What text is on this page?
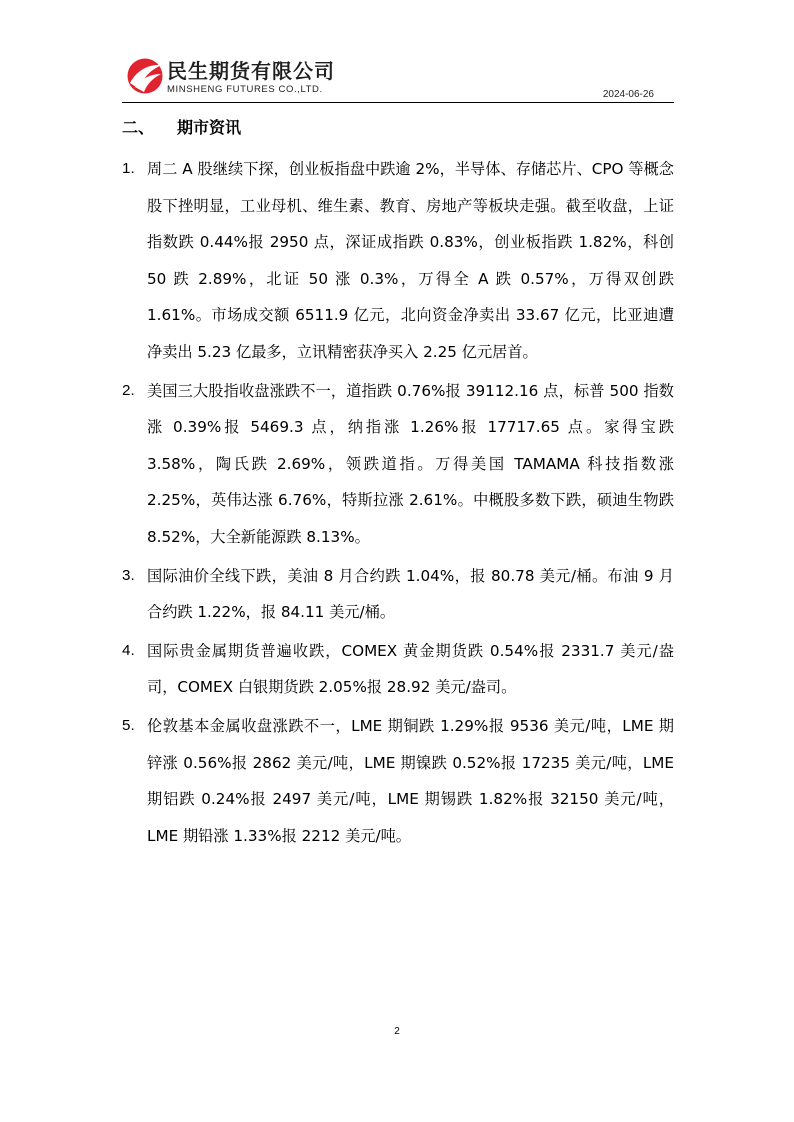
民生期货有限公司
MINSHENG FUTURES CO.,LTD.	2024-06-26
二、 期市资讯
1. 周二 A 股继续下探，创业板指盘中跌逾 2%，半导体、存储芯片、CPO 等概念股下挫明显，工业母机、维生素、教育、房地产等板块走强。截至收盘，上证指数跌 0.44%报 2950 点，深证成指跌 0.83%，创业板指跌 1.82%，科创 50 跌 2.89%，北证 50 涨 0.3%，万得全 A 跌 0.57%，万得双创跌 1.61%。市场成交额 6511.9 亿元，北向资金净卖出 33.67 亿元，比亚迪遭净卖出 5.23 亿最多，立讯精密获净买入 2.25 亿元居首。
2. 美国三大股指收盘涨跌不一，道指跌 0.76%报 39112.16 点，标普 500 指数涨 0.39%报 5469.3 点，纳指涨 1.26%报 17717.65 点。家得宝跌 3.58%，陶氏跌 2.69%，领跌道指。万得美国 TAMAMA 科技指数涨 2.25%，英伟达涨 6.76%，特斯拉涨 2.61%。中概股多数下跌，硕迪生物跌 8.52%，大全新能源跌 8.13%。
3. 国际油价全线下跌，美油 8 月合约跌 1.04%，报 80.78 美元/桶。布油 9 月合约跌 1.22%，报 84.11 美元/桶。
4. 国际贵金属期货普遍收跌，COMEX 黄金期货跌 0.54%报 2331.7 美元/盎司，COMEX 白银期货跌 2.05%报 28.92 美元/盎司。
5. 伦敦基本金属收盘涨跌不一，LME 期铜跌 1.29%报 9536 美元/吨，LME 期锌涨 0.56%报 2862 美元/吨，LME 期镍跌 0.52%报 17235 美元/吨，LME 期铝跌 0.24%报 2497 美元/吨，LME 期锡跌 1.82%报 32150 美元/吨，LME 期铅涨 1.33%报 2212 美元/吨。
2
